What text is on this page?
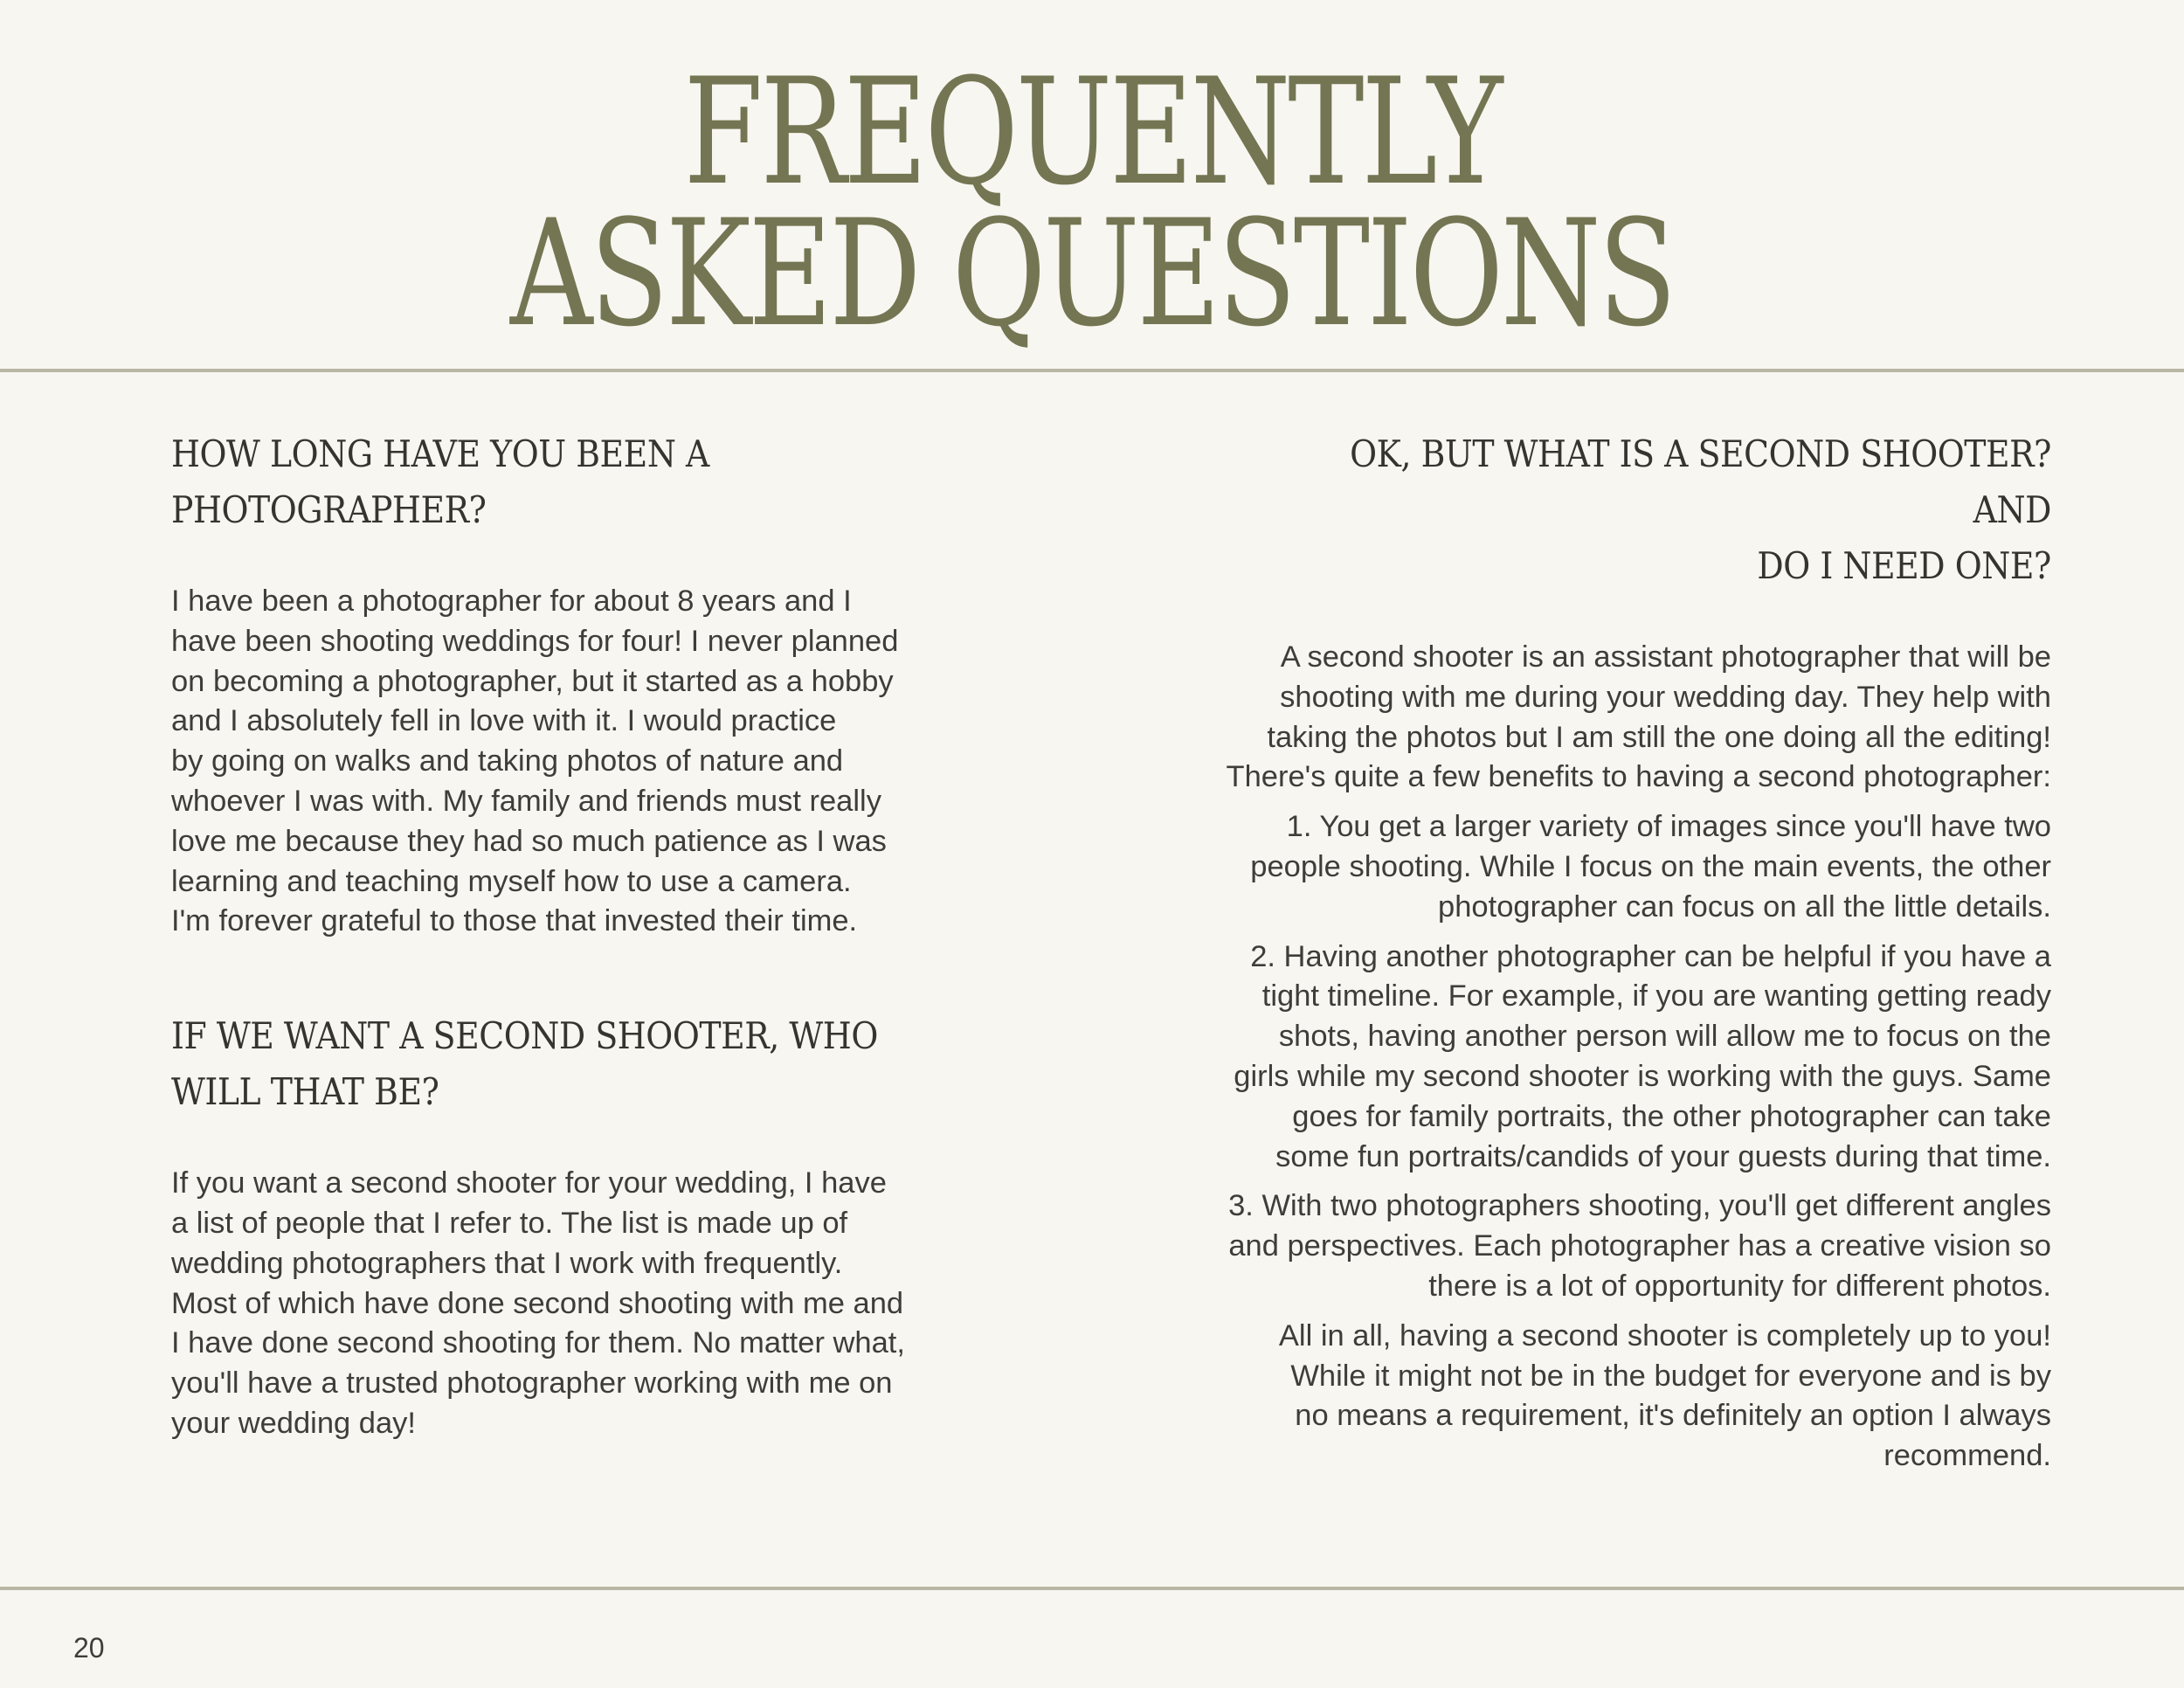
FREQUENTLY
ASKED QUESTIONS
HOW LONG HAVE YOU BEEN A
PHOTOGRAPHER?

I have been a photographer for about 8 years and I
have been shooting weddings for four! I never planned
on becoming a photographer, but it started as a hobby
and I absolutely fell in love with it. I would practice
by going on walks and taking photos of nature and
whoever I was with. My family and friends must really
love me because they had so much patience as I was
learning and teaching myself how to use a camera.
I'm forever grateful to those that invested their time.

IF WE WANT A SECOND SHOOTER, WHO
WILL THAT BE?

If you want a second shooter for your wedding, I have
a list of people that I refer to. The list is made up of
wedding photographers that I work with frequently.
Most of which have done second shooting with me and
I have done second shooting for them. No matter what,
you'll have a trusted photographer working with me on
your wedding day!

OK, BUT WHAT IS A SECOND SHOOTER? AND
DO I NEED ONE?

A second shooter is an assistant photographer that will be
shooting with me during your wedding day. They help with
taking the photos but I am still the one doing all the editing!
There's quite a few benefits to having a second photographer:

1. You get a larger variety of images since you'll have two
people shooting. While I focus on the main events, the other
photographer can focus on all the little details.

2. Having another photographer can be helpful if you have a
tight timeline. For example, if you are wanting getting ready
shots, having another person will allow me to focus on the
girls while my second shooter is working with the guys. Same
goes for family portraits, the other photographer can take
some fun portraits/candids of your guests during that time.

3. With two photographers shooting, you'll get different angles
and perspectives. Each photographer has a creative vision so
there is a lot of opportunity for different photos.

All in all, having a second shooter is completely up to you!
While it might not be in the budget for everyone and is by
no means a requirement, it's definitely an option I always
recommend.

20
